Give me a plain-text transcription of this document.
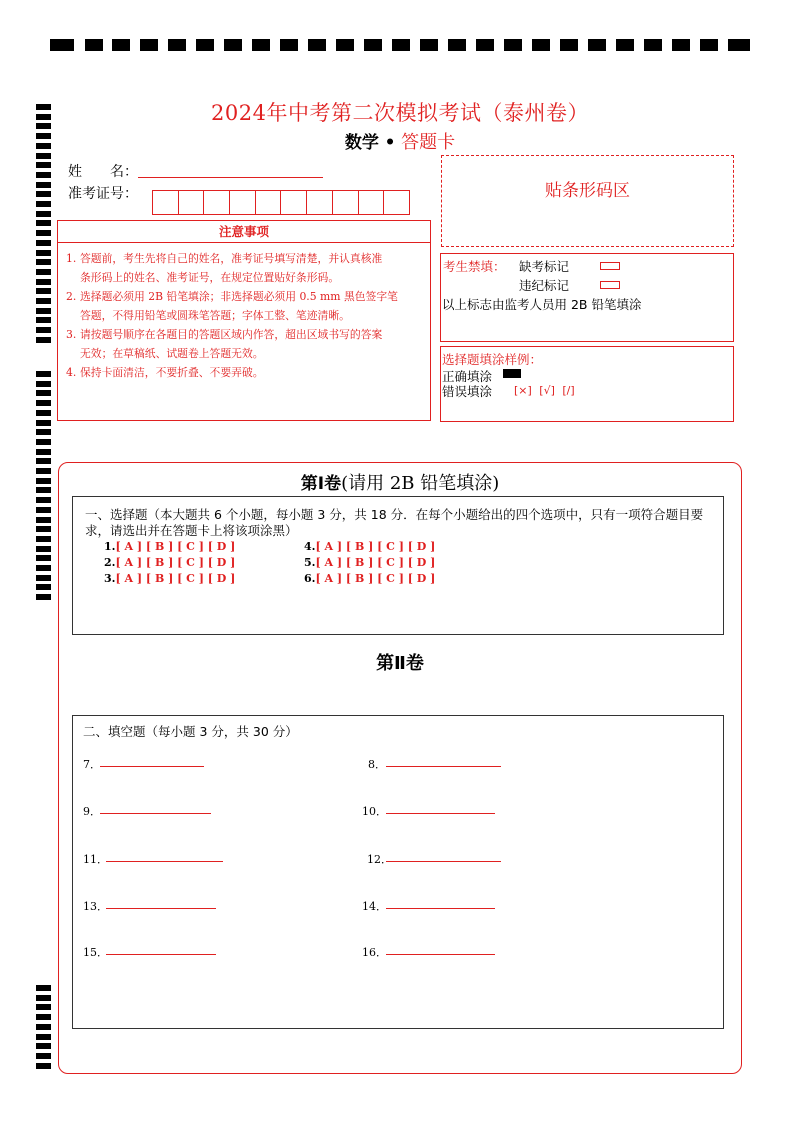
2024年中考第二次模拟考试（泰州卷）
数学 • 答题卡
姓　　名：
准考证号：	贴条形码区
注意事项
1. 答题前，考生先将自己的姓名，准考证号填写清楚，并认真核准
条形码上的姓名、准考证号，在规定位置贴好条形码。
2. 选择题必须用 2B 铅笔填涂；非选择题必须用 0.5 mm 黑色签字笔
答题，不得用铅笔或圆珠笔答题；字体工整、笔迹清晰。
3. 请按题号顺序在各题目的答题区域内作答，超出区域书写的答案
无效；在草稿纸、试题卷上答题无效。
4. 保持卡面清洁，不要折叠、不要弄破。
考生禁填： 缺考标记
违纪标记
以上标志由监考人员用 2B 铅笔填涂
选择题填涂样例：
正确填涂
错误填涂 [×] [√] [/]
第Ⅰ卷(请用 2B 铅笔填涂)
一、选择题（本大题共 6 个小题，每小题 3 分，共 18 分．在每个小题给出的四个选项中，只有一项符合题目要求，请选出并在答题卡上将该项涂黑）
1.[ A ] [ B ] [ C ] [ D ]
2.[ A ] [ B ] [ C ] [ D ]
3.[ A ] [ B ] [ C ] [ D ]
4.[ A ] [ B ] [ C ] [ D ]
5.[ A ] [ B ] [ C ] [ D ]
6.[ A ] [ B ] [ C ] [ D ]
第Ⅱ卷
二、填空题（每小题 3 分，共 30 分）
7．	8．
9．	10．
11．	12．
13．	14．
15．	16．
